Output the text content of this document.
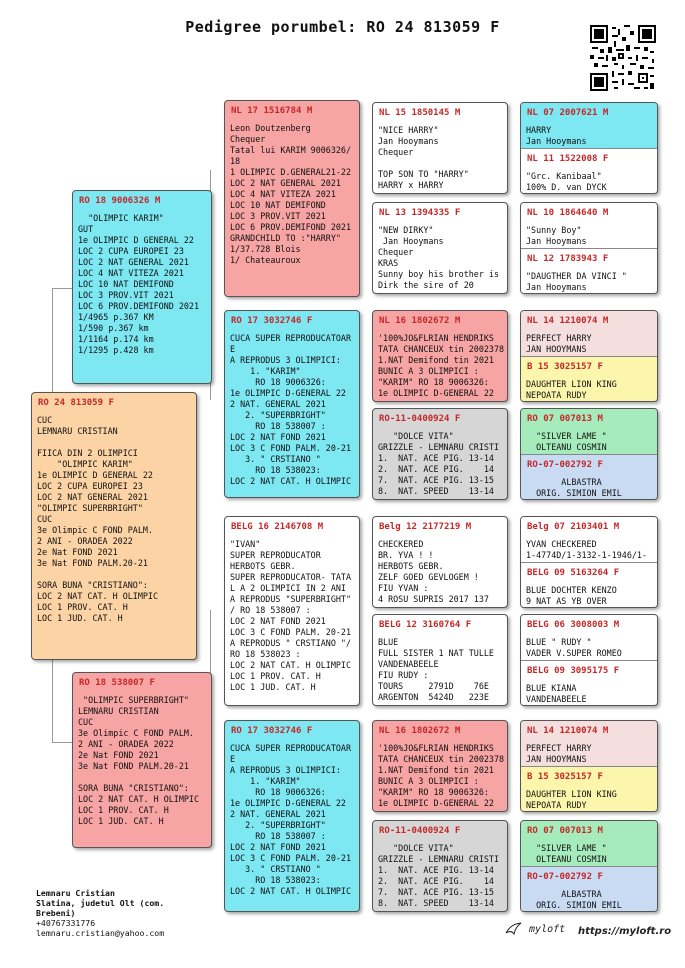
Pedigree porumbel: RO 24 813059 F
RO 24 813059 F
CUC
LEMNARU CRISTIAN

FIICA DIN 2 OLIMPICI
"OLIMPIC KARIM"
1e OLIMPIC D GENERAL 22
LOC 2 CUPA EUROPEI 23
LOC 2 NAT GENERAL 2021
"OLIMPIC SUPERBRIGHT"
CUC
3e Olimpic C FOND PALM.
2 ANI - ORADEA 2022
2e Nat FOND 2021
3e Nat FOND PALM.20-21

SORA BUNA "CRISTIANO":
LOC 2 NAT CAT. H OLIMPIC
LOC 1 PROV. CAT. H
LOC 1 JUD. CAT. H
RO 18 9006326 M
"OLIMPIC KARIM"
GUT
1e OLIMPIC D GENERAL 22
LOC 2 CUPA EUROPEI 23
LOC 2 NAT GENERAL 2021
LOC 4 NAT VITEZA 2021
LOC 10 NAT DEMIFOND
LOC 3 PROV.VIT 2021
LOC 6 PROV.DEMIFOND 2021
1/4965 p.367 KM
1/590 p.367 km
1/1164 p.174 km
1/1295 p.428 km
RO 18 538007 F
"OLIMPIC SUPERBRIGHT"
LEMNARU CRISTIAN
CUC
3e Olimpic C FOND PALM.
2 ANI - ORADEA 2022
2e Nat FOND 2021
3e Nat FOND PALM.20-21

SORA BUNA "CRISTIANO":
LOC 2 NAT CAT. H OLIMPIC
LOC 1 PROV. CAT. H
LOC 1 JUD. CAT. H
NL 17 1516784 M
Leon Doutzenberg
Chequer
Tatal lui KARIM 9006326/
18
1 OLIMPIC D.GENERAL21-22
LOC 2 NAT GENERAL 2021
LOC 4 NAT VITEZA 2021
LOC 10 NAT DEMIFOND
LOC 3 PROV.VIT 2021
LOC 6 PROV.DEMIFOND 2021
GRANDCHILD TO :"HARRY"
1/37.728 Blois
1/ Chateauroux
RO 17 3032746 F
CUCA SUPER REPRODUCATOAR
E
A REPRODUS 3 OLIMPICI:
1. "KARIM"
RO 18 9006326:
1e OLIMPIC D-GENERAL 22
2 NAT. GENERAL 2021
2. "SUPERBRIGHT"
RO 18 538007 :
LOC 2 NAT FOND 2021
LOC 3 C FOND PALM. 20-21
3. " CRSTIANO "
RO 18 538023:
LOC 2 NAT CAT. H OLIMPIC
BELG 16 2146708 M
"IVAN"
SUPER REPRODUCATOR
HERBOTS GEBR.
SUPER REPRODUCATOR- TATA
L A 2 OLIMPICI IN 2 ANI
A REPRODUS "SUPERBRIGHT"
/ RO 18 538007 :
LOC 2 NAT FOND 2021
LOC 3 C FOND PALM. 20-21
A REPRODUS " CRSTIANO "/
RO 18 538023 :
LOC 2 NAT CAT. H OLIMPIC
LOC 1 PROV. CAT. H
LOC 1 JUD. CAT. H
RO 17 3032746 F
CUCA SUPER REPRODUCATOAR
E
A REPRODUS 3 OLIMPICI:
1. "KARIM"
RO 18 9006326:
1e OLIMPIC D-GENERAL 22
2 NAT. GENERAL 2021
2. "SUPERBRIGHT"
RO 18 538007 :
LOC 2 NAT FOND 2021
LOC 3 C FOND PALM. 20-21
3. " CRSTIANO "
RO 18 538023:
LOC 2 NAT CAT. H OLIMPIC
NL 15 1850145 M
"NICE HARRY"
Jan Hooymans
Chequer

TOP SON TO "HARRY"
HARRY x HARRY
NL 13 1394335 F
"NEW DIRKY"
Jan Hooymans
Chequer
KRAS
Sunny boy his brother is
Dirk the sire of 20
NL 16 1802672 M
'100%JO&FLRIAN HENDRIKS
TATA CHANCEUX tin 2002378
1.NAT Demifond tin 2021
BUNIC A 3 OLIMPICI :
"KARIM" RO 18 9006326:
1e OLIMPIC D-GENERAL 22
RO-11-0400924 F
"DOLCE VITA"
GRIZZLE - LEMNARU CRISTI
1.  NAT. ACE PIG. 13-14
2.  NAT. ACE PIG.    14
7.  NAT. ACE PIG. 13-15
8.  NAT. SPEED    13-14
Belg 12 2177219 M
CHECKERED
BR. YVA ! !
HERBOTS GEBR.
ZELF GOED GEVLOGEM !
FIU YVAN :
4 ROSU SUPRIS 2017 137
BELG 12 3160764 F
BLUE
FULL SISTER 1 NAT TULLE
VANDENABEELE
FIU RUDY :
TOURS     2791D    76E
ARGENTON  5424D   223E
NL 16 1802672 M
'100%JO&FLRIAN HENDRIKS
TATA CHANCEUX tin 2002378
1.NAT Demifond tin 2021
BUNIC A 3 OLIMPICI :
"KARIM" RO 18 9006326:
1e OLIMPIC D-GENERAL 22
RO-11-0400924 F
"DOLCE VITA"
GRIZZLE - LEMNARU CRISTI
1.  NAT. ACE PIG. 13-14
2.  NAT. ACE PIG.    14
7.  NAT. ACE PIG. 13-15
8.  NAT. SPEED    13-14
NL 07 2007621 M
HARRY
Jan Hooymans
NL 11 1522008 F
"Grc. Kanibaal"
100% D. van DYCK
NL 10 1864640 M
"Sunny Boy"
Jan Hooymans
NL 12 1783943 F
"DAUGTHER DA VINCI "
Jan Hooymans
NL 14 1210074 M
PERFECT HARRY
JAN HOOYMANS
B 15 3025157 F
DAUGHTER LION KING
NEPOATA RUDY
RO 07 007013 M
"SILVER LAME "
OLTEANU COSMIN
RO-07-002792 F
ALBASTRA
ORIG. SIMION EMIL
Belg 07 2103401 M
YVAN CHECKERED
1-4774D/1-3132-1-1946/1-
BELG 09 5163264 F
BLUE DOCHTER KENZO
9 NAT AS YB OVER
BELG 06 3008003 M
BLUE " RUDY "
VADER V.SUPER ROMEO
BELG 09 3095175 F
BLUE KIANA
VANDENABEELE
NL 14 1210074 M
PERFECT HARRY
JAN HOOYMANS
B 15 3025157 F
DAUGHTER LION KING
NEPOATA RUDY
RO 07 007013 M
"SILVER LAME "
OLTEANU COSMIN
RO-07-002792 F
ALBASTRA
ORIG. SIMION EMIL
Lemnaru Cristian
Slatina, judetul Olt (com.
Brebeni)
+40767331776
lemnaru.cristian@yahoo.com	myloft https://myloft.ro
